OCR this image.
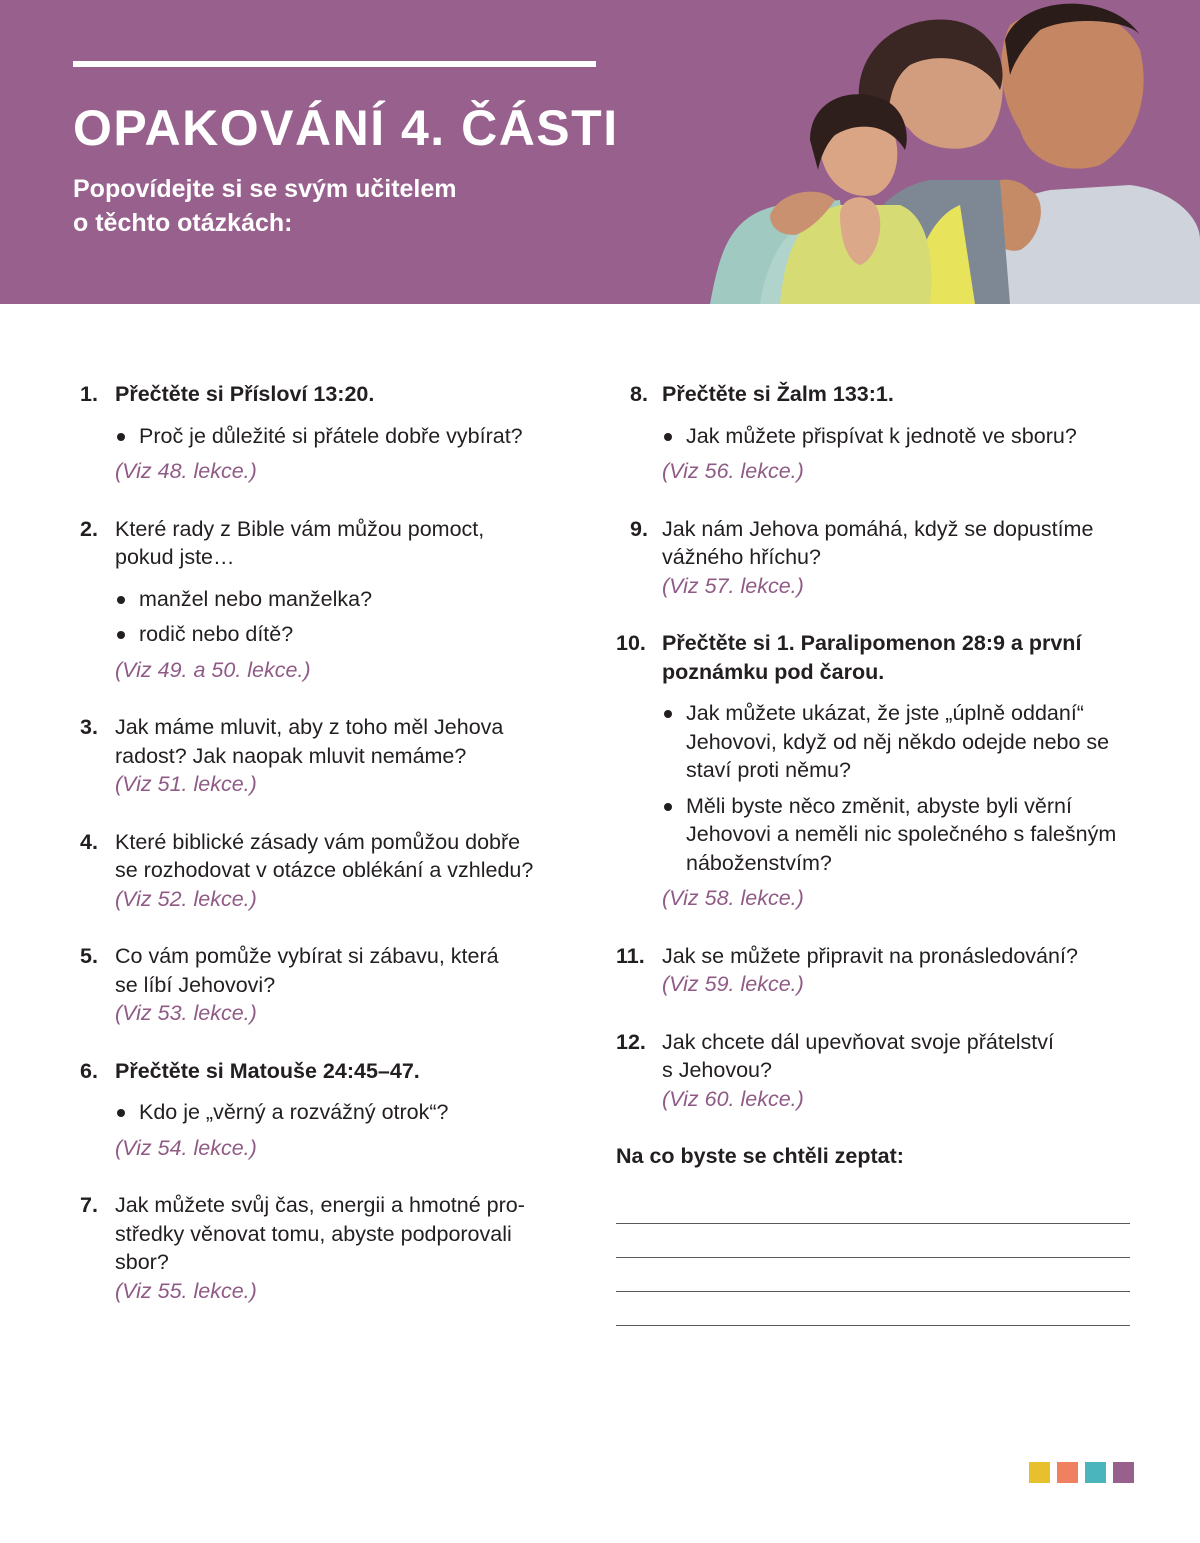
OPAKOVÁNÍ 4. ČÁSTI

Popovídejte si se svým učitelem
o těchto otázkách:

1. Přečtěte si Přísloví 13:20.
Proč je důležité si přátele dobře vybírat?
(Viz 48. lekce.)
2. Které rady z Bible vám můžou pomoct,
pokud jste…
manžel nebo manželka?
rodič nebo dítě?
(Viz 49. a 50. lekce.)
3. Jak máme mluvit, aby z toho měl Jehova
radost? Jak naopak mluvit nemáme?
(Viz 51. lekce.)
4. Které biblické zásady vám pomůžou dobře
se rozhodovat v otázce oblékání a vzhledu?
(Viz 52. lekce.)
5. Co vám pomůže vybírat si zábavu, která
se líbí Jehovovi?
(Viz 53. lekce.)
6. Přečtěte si Matouše 24:45–47.
Kdo je „věrný a rozvážný otrok“?
(Viz 54. lekce.)
7. Jak můžete svůj čas, energii a hmotné pro-
středky věnovat tomu, abyste podporovali
sbor?
(Viz 55. lekce.)
8. Přečtěte si Žalm 133:1.
Jak můžete přispívat k jednotě ve sboru?
(Viz 56. lekce.)
9. Jak nám Jehova pomáhá, když se dopustíme
vážného hříchu?
(Viz 57. lekce.)
10. Přečtěte si 1. Paralipomenon 28:9 a první
poznámku pod čarou.
Jak můžete ukázat, že jste „úplně oddaní“ Jehovovi, když od něj někdo odejde nebo se staví proti němu?
Měli byste něco změnit, abyste byli věrní Jehovovi a neměli nic společného s falešným náboženstvím?
(Viz 58. lekce.)
11. Jak se můžete připravit na pronásledování?
(Viz 59. lekce.)
12. Jak chcete dál upevňovat svoje přátelství
s Jehovou?
(Viz 60. lekce.)

Na co byste se chtěli zeptat:
